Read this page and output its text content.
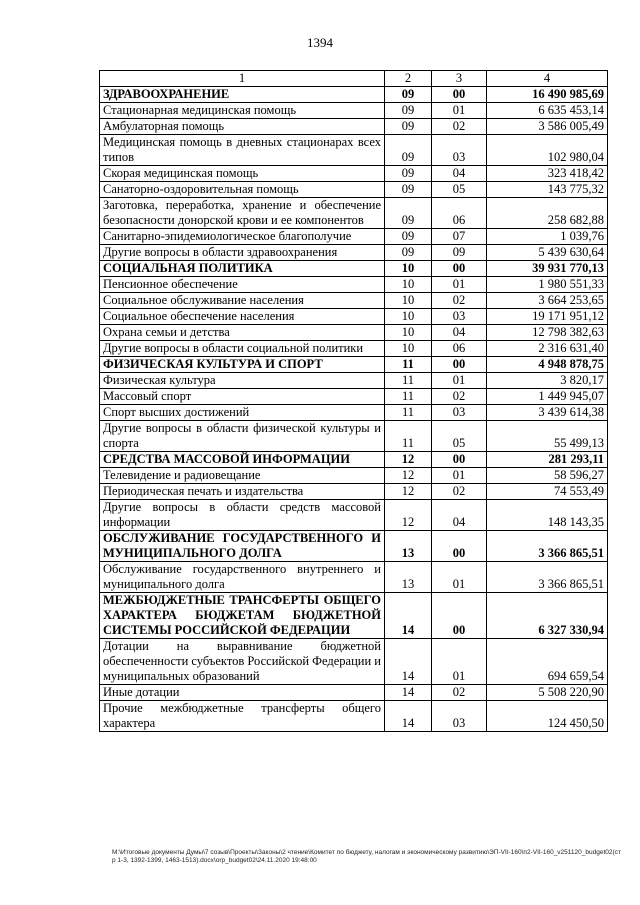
1394
1	2	3	4
ЗДРАВООХРАНЕНИЕ	09	00	16 490 985,69
Стационарная медицинская помощь	09	01	6 635 453,14
Амбулаторная помощь	09	02	3 586 005,49
Медицинская помощь в дневных стационарах всех типов	09	03	102 980,04
Скорая медицинская помощь	09	04	323 418,42
Санаторно-оздоровительная помощь	09	05	143 775,32
Заготовка, переработка, хранение и обеспечение безопасности донорской крови и ее компонентов	09	06	258 682,88
Санитарно-эпидемиологическое благополучие	09	07	1 039,76
Другие вопросы в области здравоохранения	09	09	5 439 630,64
СОЦИАЛЬНАЯ ПОЛИТИКА	10	00	39 931 770,13
Пенсионное обеспечение	10	01	1 980 551,33
Социальное обслуживание населения	10	02	3 664 253,65
Социальное обеспечение населения	10	03	19 171 951,12
Охрана семьи и детства	10	04	12 798 382,63
Другие вопросы в области социальной политики	10	06	2 316 631,40
ФИЗИЧЕСКАЯ КУЛЬТУРА И СПОРТ	11	00	4 948 878,75
Физическая культура	11	01	3 820,17
Массовый спорт	11	02	1 449 945,07
Спорт высших достижений	11	03	3 439 614,38
Другие вопросы в области физической культуры и спорта	11	05	55 499,13
СРЕДСТВА МАССОВОЙ ИНФОРМАЦИИ	12	00	281 293,11
Телевидение и радиовещание	12	01	58 596,27
Периодическая печать и издательства	12	02	74 553,49
Другие вопросы в области средств массовой информации	12	04	148 143,35
ОБСЛУЖИВАНИЕ ГОСУДАРСТВЕННОГО И МУНИЦИПАЛЬНОГО ДОЛГА	13	00	3 366 865,51
Обслуживание государственного внутреннего и муниципального долга	13	01	3 366 865,51
МЕЖБЮДЖЕТНЫЕ ТРАНСФЕРТЫ ОБЩЕГО ХАРАКТЕРА БЮДЖЕТАМ БЮДЖЕТНОЙ СИСТЕМЫ РОССИЙСКОЙ ФЕДЕРАЦИИ	14	00	6 327 330,94
Дотации на выравнивание бюджетной обеспеченности субъектов Российской Федерации и муниципальных образований	14	01	694 659,54
Иные дотации	14	02	5 508 220,90
Прочие межбюджетные трансферты общего характера	14	03	124 450,50
M:\Итоговые документы Думы\7 созыв\Проекты\Законы\2 чтение\Комитет по бюджету, налогам и экономическому развитию\ЭП-VII-160\п2-VII-160_v251120_budget02(стр 1-3, 1392-1399, 1463-1513).docx\orp_budget02\24.11.2020 19:48:00
